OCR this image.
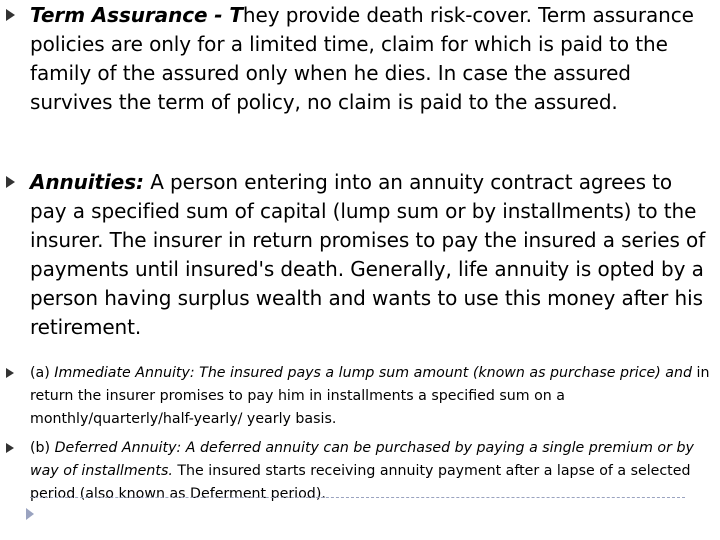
Term Assurance - They provide death risk-cover. Term assurance policies are only for a limited time, claim for which is paid to the family of the assured only when he dies. In case the assured survives the term of policy, no claim is paid to the assured.
Annuities: A person entering into an annuity contract agrees to pay a specified sum of capital (lump sum or by installments) to the insurer. The insurer in return promises to pay the insured a series of payments until insured's death. Generally, life annuity is opted by a person having surplus wealth and wants to use this money after his retirement.
(a) Immediate Annuity: The insured pays a lump sum amount (known as purchase price) and in return the insurer promises to pay him in installments a specified sum on a monthly/quarterly/half-yearly/ yearly basis.
(b) Deferred Annuity: A deferred annuity can be purchased by paying a single premium or by way of installments. The insured starts receiving annuity payment after a lapse of a selected period (also known as Deferment period).
